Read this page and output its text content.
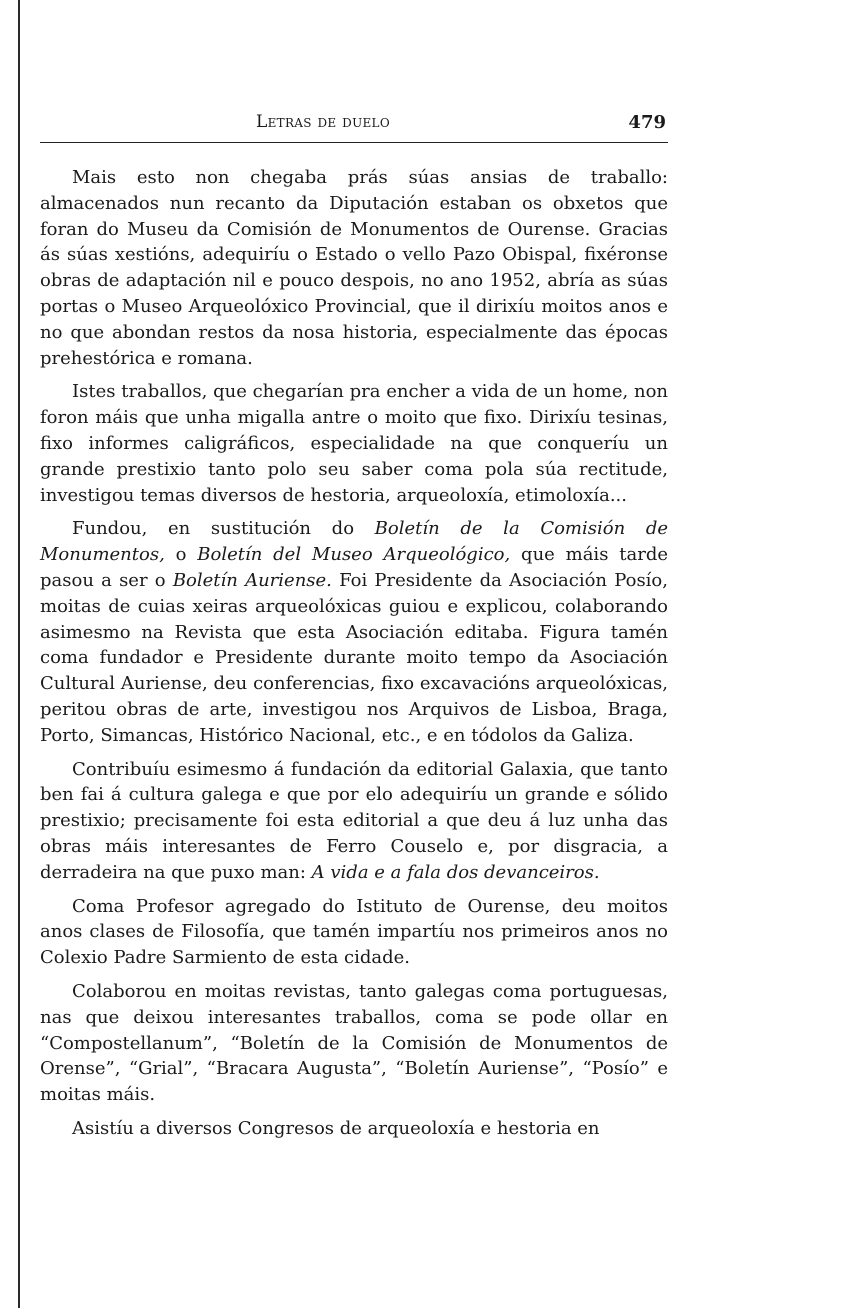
Letras de duelo	479

Mais esto non chegaba prás súas ansias de traballo: almacenados nun recanto da Diputación estaban os obxetos que foran do Museu da Comisión de Monumentos de Ourense. Gracias ás súas xestións, adequiríu o Estado o vello Pazo Obispal, fixéronse obras de adaptación nil e pouco despois, no ano 1952, abría as súas portas o Museo Arqueolóxico Provincial, que il dirixíu moitos anos e no que abondan restos da nosa historia, especialmente das épocas prehestórica e romana.

Istes traballos, que chegarían pra encher a vida de un home, non foron máis que unha migalla antre o moito que fixo. Dirixíu tesinas, fixo informes caligráficos, especialidade na que conqueríu un grande prestixio tanto polo seu saber coma pola súa rectitude, investigou temas diversos de hestoria, arqueoloxía, etimoloxía...

Fundou, en sustitución do Boletín de la Comisión de Monumentos, o Boletín del Museo Arqueológico, que máis tarde pasou a ser o Boletín Auriense. Foi Presidente da Asociación Posío, moitas de cuias xeiras arqueolóxicas guiou e explicou, colaborando asimesmo na Revista que esta Asociación editaba. Figura tamén coma fundador e Presidente durante moito tempo da Asociación Cultural Auriense, deu conferencias, fixo excavacións arqueolóxicas, peritou obras de arte, investigou nos Arquivos de Lisboa, Braga, Porto, Simancas, Histórico Nacional, etc., e en tódolos da Galiza.

Contribuíu esimesmo á fundación da editorial Galaxia, que tanto ben fai á cultura galega e que por elo adequiríu un grande e sólido prestixio; precisamente foi esta editorial a que deu á luz unha das obras máis interesantes de Ferro Couselo e, por disgracia, a derradeira na que puxo man: A vida e a fala dos devanceiros.

Coma Profesor agregado do Istituto de Ourense, deu moitos anos clases de Filosofía, que tamén impartíu nos primeiros anos no Colexio Padre Sarmiento de esta cidade.

Colaborou en moitas revistas, tanto galegas coma portuguesas, nas que deixou interesantes traballos, coma se pode ollar en “Compostellanum”, “Boletín de la Comisión de Monumentos de Orense”, “Grial”, “Bracara Augusta”, “Boletín Auriense”, “Posío” e moitas máis.

Asistíu a diversos Congresos de arqueoloxía e hestoria en
